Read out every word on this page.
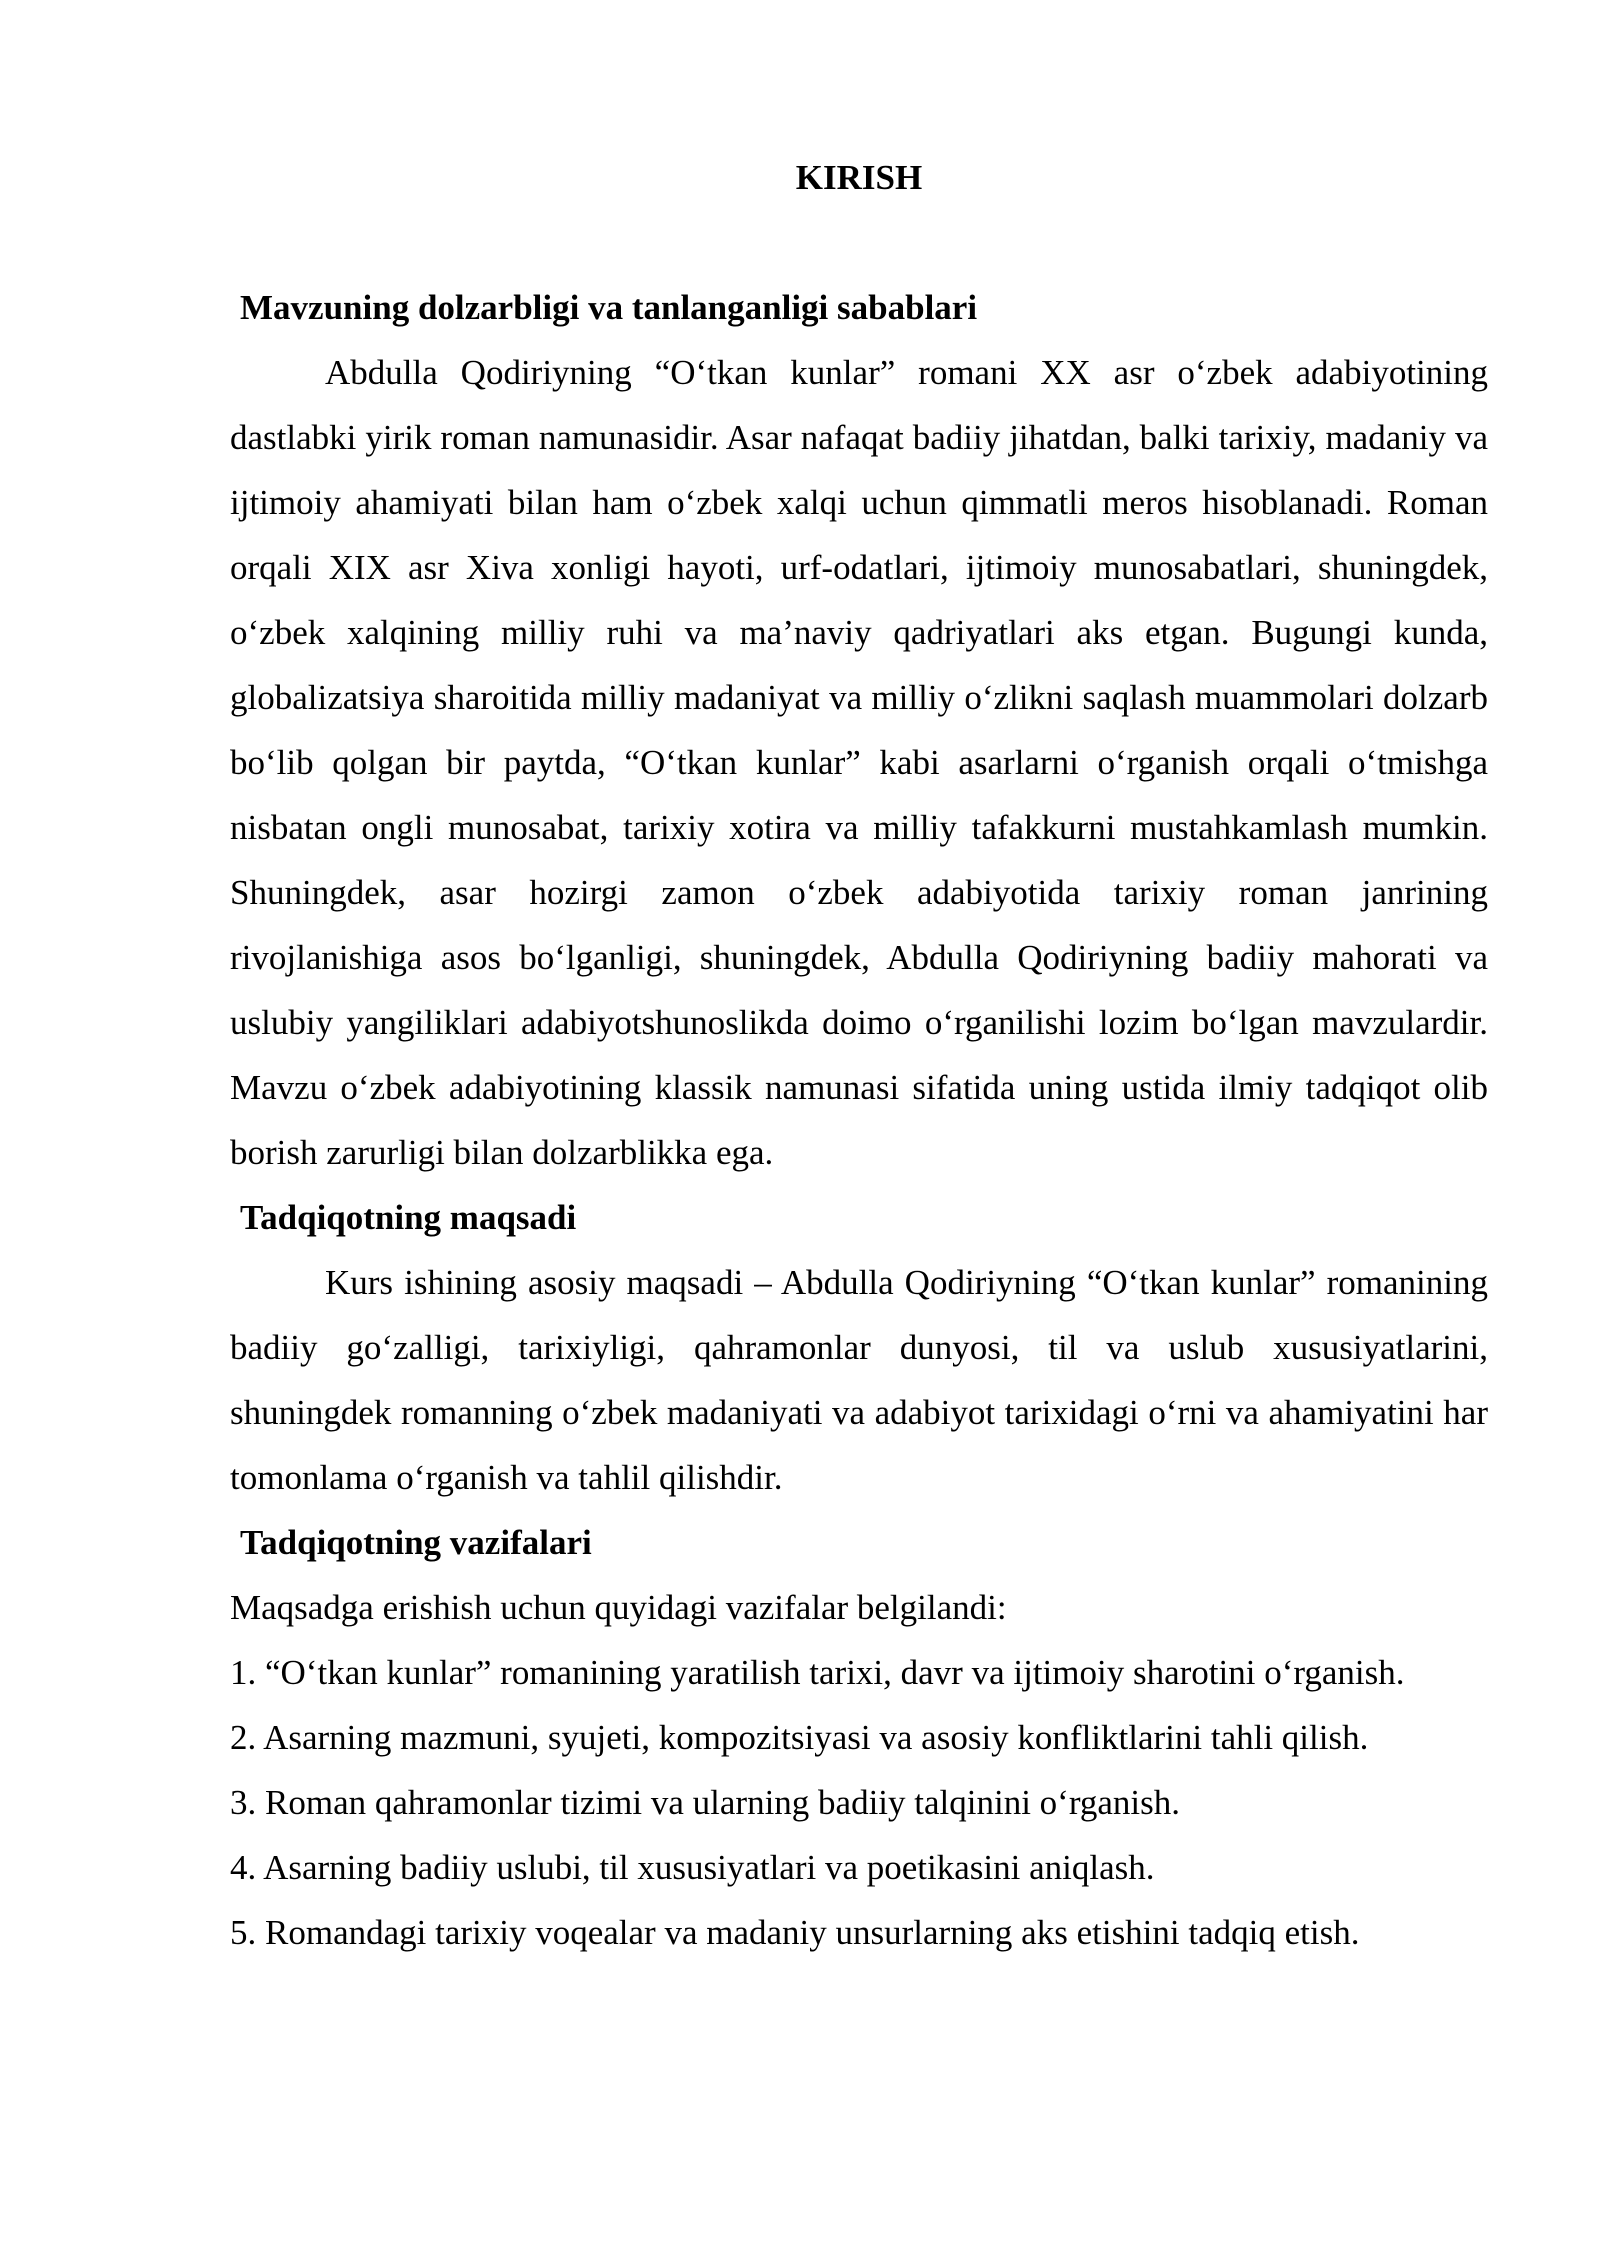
KIRISH

Mavzuning dolzarbligi va tanlanganligi sabablari

Abdulla Qodiriyning “O‘tkan kunlar” romani XX asr o‘zbek adabiyotining dastlabki yirik roman namunasidir. Asar nafaqat badiiy jihatdan, balki tarixiy, madaniy va ijtimoiy ahamiyati bilan ham o‘zbek xalqi uchun qimmatli meros hisoblanadi. Roman orqali XIX asr Xiva xonligi hayoti, urf-odatlari, ijtimoiy munosabatlari, shuningdek, o‘zbek xalqining milliy ruhi va ma’naviy qadriyatlari aks etgan. Bugungi kunda, globalizatsiya sharoitida milliy madaniyat va milliy o‘zlikni saqlash muammolari dolzarb bo‘lib qolgan bir paytda, “O‘tkan kunlar” kabi asarlarni o‘rganish orqali o‘tmishga nisbatan ongli munosabat, tarixiy xotira va milliy tafakkurni mustahkamlash mumkin. Shuningdek, asar hozirgi zamon o‘zbek adabiyotida tarixiy roman janrining rivojlanishiga asos bo‘lganligi, shuningdek, Abdulla Qodiriyning badiiy mahorati va uslubiy yangiliklari adabiyotshunoslikda doimo o‘rganilishi lozim bo‘lgan mavzulardir. Mavzu o‘zbek adabiyotining klassik namunasi sifatida uning ustida ilmiy tadqiqot olib borish zarurligi bilan dolzarblikka ega.

Tadqiqotning maqsadi

Kurs ishining asosiy maqsadi – Abdulla Qodiriyning “O‘tkan kunlar” romanining badiiy go‘zalligi, tarixiyligi, qahramonlar dunyosi, til va uslub xususiyatlarini, shuningdek romanning o‘zbek madaniyati va adabiyot tarixidagi o‘rni va ahamiyatini har tomonlama o‘rganish va tahlil qilishdir.

Tadqiqotning vazifalari

Maqsadga erishish uchun quyidagi vazifalar belgilandi:

1. “O‘tkan kunlar” romanining yaratilish tarixi, davr va ijtimoiy sharotini o‘rganish.

2. Asarning mazmuni, syujeti, kompozitsiyasi va asosiy konfliktlarini tahli qilish.

3. Roman qahramonlar tizimi va ularning badiiy talqinini o‘rganish.

4. Asarning badiiy uslubi, til xususiyatlari va poetikasini aniqlash.

5. Romandagi tarixiy voqealar va madaniy unsurlarning aks etishini tadqiq etish.
